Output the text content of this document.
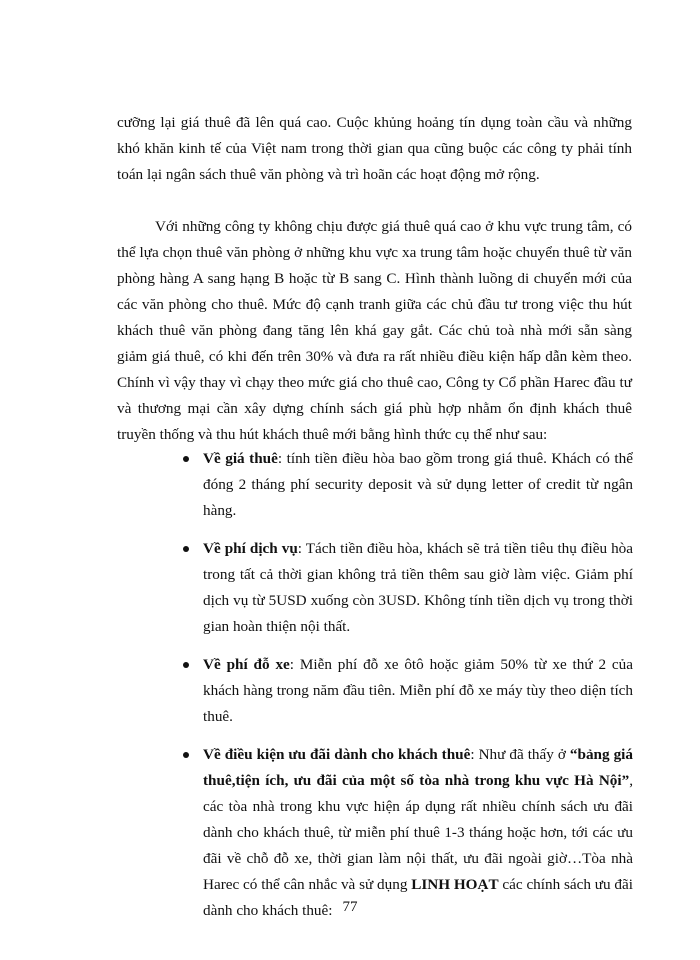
cưỡng lại giá thuê đã lên quá cao. Cuộc khủng hoảng tín dụng toàn cầu và những khó khăn kinh tế của Việt nam trong thời gian qua cũng buộc các công ty phải tính toán lại ngân sách thuê văn phòng và trì hoãn các hoạt động mở rộng.

Với những công ty không chịu được giá thuê quá cao ở khu vực trung tâm, có thể lựa chọn thuê văn phòng ở những khu vực xa trung tâm hoặc chuyển thuê từ văn phòng hàng A sang hạng B hoặc từ B sang C. Hình thành luồng di chuyển mới của các văn phòng cho thuê. Mức độ cạnh tranh giữa các chủ đầu tư trong việc thu hút khách thuê văn phòng đang tăng lên khá gay gắt. Các chủ toà nhà mới sẵn sàng giảm giá thuê, có khi đến trên 30% và đưa ra rất nhiều điều kiện hấp dẫn kèm theo. Chính vì vậy thay vì chạy theo mức giá cho thuê cao, Công ty Cổ phần Harec đầu tư và thương mại cần xây dựng chính sách giá phù hợp nhằm ổn định khách thuê truyền thống và thu hút khách thuê mới bằng hình thức cụ thể như sau:

Về giá thuê: tính tiền điều hòa bao gồm trong giá thuê. Khách có thể đóng 2 tháng phí security deposit và sử dụng letter of credit từ ngân hàng.
Về phí dịch vụ: Tách tiền điều hòa, khách sẽ trả tiền tiêu thụ điều hòa trong tất cả thời gian không trả tiền thêm sau giờ làm việc. Giảm phí dịch vụ từ 5USD xuống còn 3USD. Không tính tiền dịch vụ trong thời gian hoàn thiện nội thất.
Về phí đỗ xe: Miễn phí đỗ xe ôtô hoặc giảm 50% từ xe thứ 2 của khách hàng trong năm đầu tiên. Miễn phí đỗ xe máy tùy theo diện tích thuê.
Về điều kiện ưu đãi dành cho khách thuê: Như đã thấy ở “bảng giá thuê,tiện ích, ưu đãi của một số tòa nhà trong khu vực Hà Nội”, các tòa nhà trong khu vực hiện áp dụng rất nhiều chính sách ưu đãi dành cho khách thuê, từ miễn phí thuê 1-3 tháng hoặc hơn, tới các ưu đãi về chỗ đỗ xe, thời gian làm nội thất, ưu đãi ngoài giờ…Tòa nhà Harec có thể cân nhắc và sử dụng LINH HOẠT các chính sách ưu đãi dành cho khách thuê: 77
